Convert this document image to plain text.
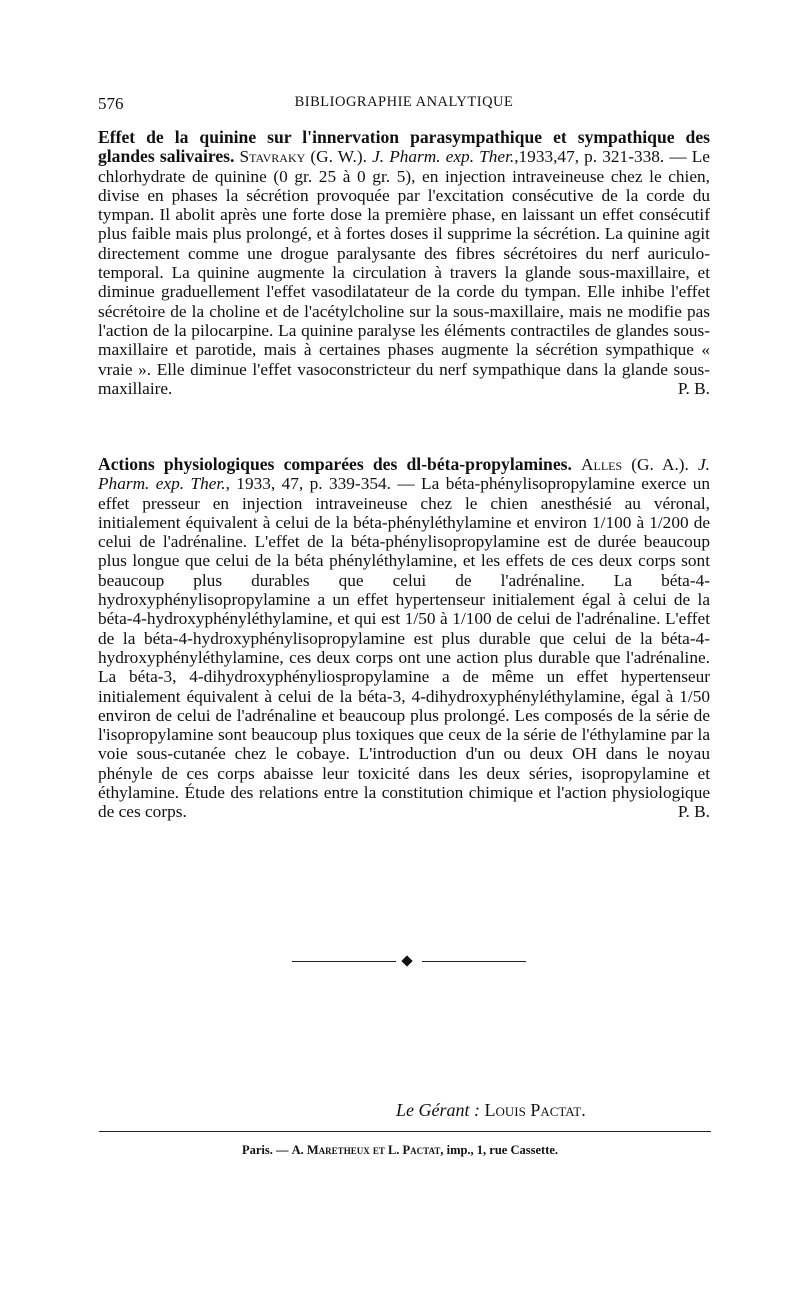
576	BIBLIOGRAPHIE ANALYTIQUE

Effet de la quinine sur l'innervation parasympathique et sympathique des glandes salivaires. Stavraky (G. W.). J. Pharm. exp. Ther.,1933,47, p. 321-338. — Le chlorhydrate de quinine (0 gr. 25 à 0 gr. 5), en injection intraveineuse chez le chien, divise en phases la sécrétion provoquée par l'excitation consécutive de la corde du tympan. Il abolit après une forte dose la première phase, en laissant un effet consécutif plus faible mais plus prolongé, et à fortes doses il supprime la sécrétion. La quinine agit directement comme une drogue paralysante des fibres sécrétoires du nerf auriculo-temporal. La quinine augmente la circulation à travers la glande sous-maxillaire, et diminue graduellement l'effet vasodilatateur de la corde du tympan. Elle inhibe l'effet sécrétoire de la choline et de l'acétylcholine sur la sous-maxillaire, mais ne modifie pas l'action de la pilocarpine. La quinine paralyse les éléments contractiles de glandes sous-maxillaire et parotide, mais à certaines phases augmente la sécrétion sympathique « vraie ». Elle diminue l'effet vasoconstricteur du nerf sympathique dans la glande sous-maxillaire.	P. B.

Actions physiologiques comparées des dl-béta-propylamines. Alles (G. A.). J. Pharm. exp. Ther., 1933, 47, p. 339-354. — La béta-phénylisopropylamine exerce un effet presseur en injection intraveineuse chez le chien anesthésié au véronal, initialement équivalent à celui de la béta-phényléthylamine et environ 1/100 à 1/200 de celui de l'adrénaline. L'effet de la béta-phénylisopropylamine est de durée beaucoup plus longue que celui de la béta phényléthylamine, et les effets de ces deux corps sont beaucoup plus durables que celui de l'adrénaline. La béta-4-hydroxyphénylisopropylamine a un effet hypertenseur initialement égal à celui de la béta-4-hydroxyphényléthylamine, et qui est 1/50 à 1/100 de celui de l'adrénaline. L'effet de la béta-4-hydroxyphénylisopropylamine est plus durable que celui de la béta-4-hydroxyphényléthylamine, ces deux corps ont une action plus durable que l'adrénaline. La béta-3, 4-dihydroxyphényliospropylamine a de même un effet hypertenseur initialement équivalent à celui de la béta-3, 4-dihydroxyphényléthylamine, égal à 1/50 environ de celui de l'adrénaline et beaucoup plus prolongé. Les composés de la série de l'isopropylamine sont beaucoup plus toxiques que ceux de la série de l'éthylamine par la voie sous-cutanée chez le cobaye. L'introduction d'un ou deux OH dans le noyau phényle de ces corps abaisse leur toxicité dans les deux séries, isopropylamine et éthylamine. Étude des relations entre la constitution chimique et l'action physiologique de ces corps.	P. B.

Le Gérant : Louis Pactat.
Paris. — A. Maretheux et L. Pactat, imp., 1, rue Cassette.
